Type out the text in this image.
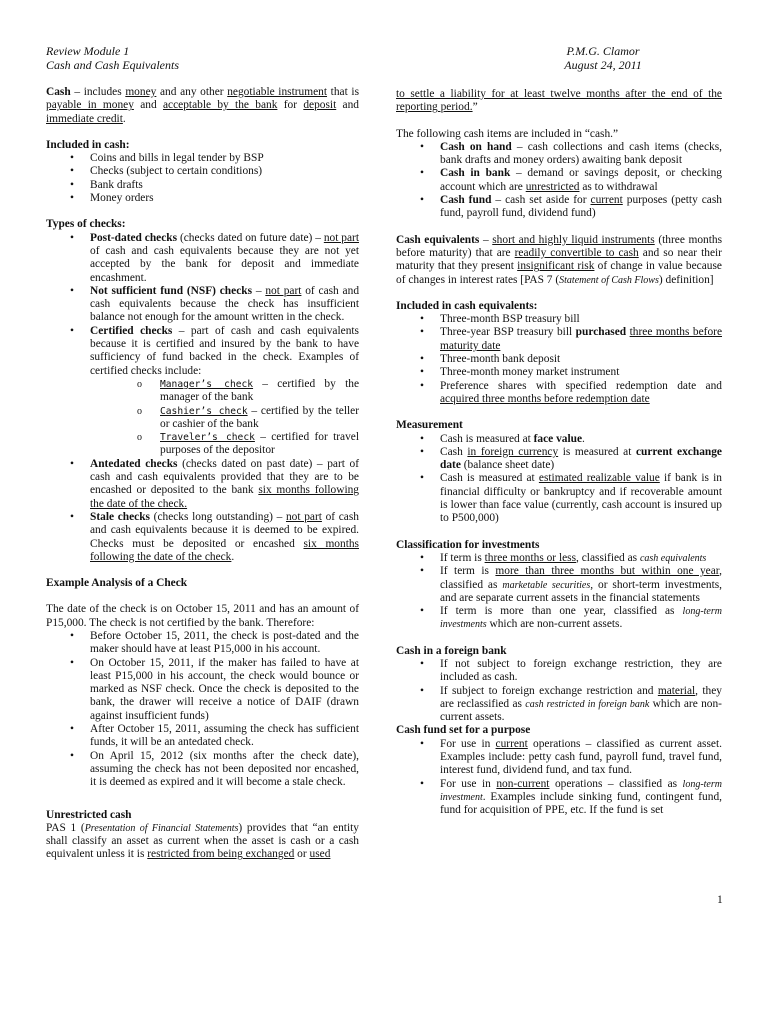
Review Module 1
Cash and Cash Equivalents
P.M.G. Clamor
August 24, 2011

Cash – includes money and any other negotiable instrument that is payable in money and acceptable by the bank for deposit and immediate credit.

Included in cash:

• Coins and bills in legal tender by BSP
• Checks (subject to certain conditions)
• Bank drafts
• Money orders

Types of checks:

• Post-dated checks (checks dated on future date) – not part of cash and cash equivalents because they are not yet accepted by the bank for deposit and immediate encashment.
• Not sufficient fund (NSF) checks – not part of cash and cash equivalents because the check has insufficient balance not enough for the amount written in the check.
• Certified checks – part of cash and cash equivalents because it is certified and insured by the bank to have sufficiency of fund backed in the check. Examples of certified checks include:
o Manager’s check – certified by the manager of the bank
o Cashier’s check – certified by the teller or cashier of the bank
o Traveler’s check – certified for travel purposes of the depositor
• Antedated checks (checks dated on past date) – part of cash and cash equivalents provided that they are to be encashed or deposited to the bank six months following the date of the check.
• Stale checks (checks long outstanding) – not part of cash and cash equivalents because it is deemed to be expired. Checks must be deposited or encashed six months following the date of the check.

Example Analysis of a Check

The date of the check is on October 15, 2011 and has an amount of P15,000. The check is not certified by the bank. Therefore:

• Before October 15, 2011, the check is post-dated and the maker should have at least P15,000 in his account.
• On October 15, 2011, if the maker has failed to have at least P15,000 in his account, the check would bounce or marked as NSF check. Once the check is deposited to the bank, the drawer will receive a notice of DAIF (drawn against insufficient funds)
• After October 15, 2011, assuming the check has sufficient funds, it will be an antedated check.
• On April 15, 2012 (six months after the check date), assuming the check has not been deposited nor encashed, it is deemed as expired and it will become a stale check.

Unrestricted cash

PAS 1 (Presentation of Financial Statements) provides that “an entity shall classify an asset as current when the asset is cash or a cash equivalent unless it is restricted from being exchanged or used

to settle a liability for at least twelve months after the end of the reporting period.”

The following cash items are included in “cash.”

• Cash on hand – cash collections and cash items (checks, bank drafts and money orders) awaiting bank deposit
• Cash in bank – demand or savings deposit, or checking account which are unrestricted as to withdrawal
• Cash fund – cash set aside for current purposes (petty cash fund, payroll fund, dividend fund)

Cash equivalents – short and highly liquid instruments (three months before maturity) that are readily convertible to cash and so near their maturity that they present insignificant risk of change in value because of changes in interest rates [PAS 7 (Statement of Cash Flows) definition]

Included in cash equivalents:

• Three-month BSP treasury bill
• Three-year BSP treasury bill purchased three months before maturity date
• Three-month bank deposit
• Three-month money market instrument
• Preference shares with specified redemption date and acquired three months before redemption date

Measurement

• Cash is measured at face value.
• Cash in foreign currency is measured at current exchange date (balance sheet date)
• Cash is measured at estimated realizable value if bank is in financial difficulty or bankruptcy and if recoverable amount is lower than face value (currently, cash account is insured up to P500,000)

Classification for investments

• If term is three months or less, classified as cash equivalents
• If term is more than three months but within one year, classified as marketable securities, or short-term investments, and are separate current assets in the financial statements
• If term is more than one year, classified as long-term investments which are non-current assets.

Cash in a foreign bank

• If not subject to foreign exchange restriction, they are included as cash.
• If subject to foreign exchange restriction and material, they are reclassified as cash restricted in foreign bank which are non-current assets.

Cash fund set for a purpose

• For use in current operations – classified as current asset. Examples include: petty cash fund, payroll fund, travel fund, interest fund, dividend fund, and tax fund.
• For use in non-current operations – classified as long-term investment. Examples include sinking fund, contingent fund, fund for acquisition of PPE, etc. If the fund is set
1
